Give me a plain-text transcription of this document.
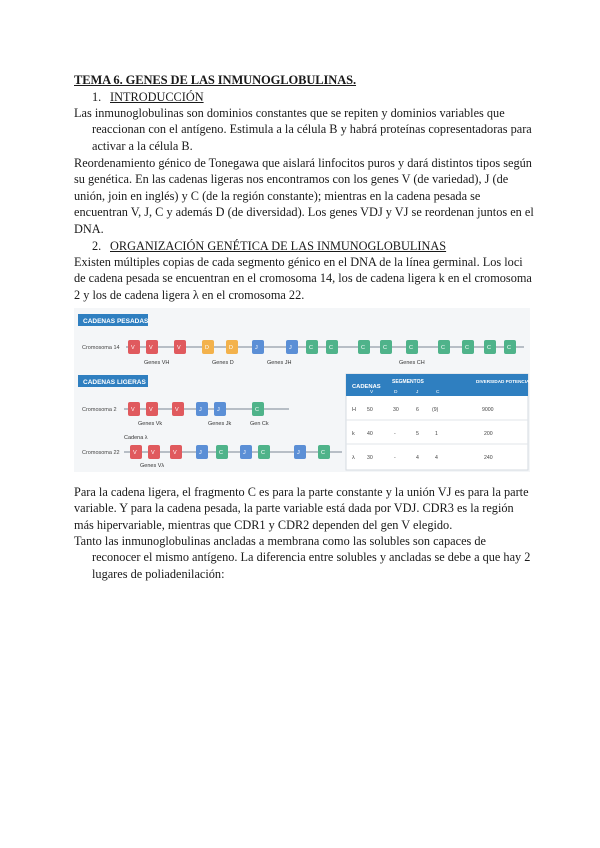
TEMA 6. GENES DE LAS INMUNOGLOBULINAS.
1. INTRODUCCIÓN
Las inmunoglobulinas son dominios constantes que se repiten y dominios variables que
reaccionan con el antígeno. Estimula a la célula B y habrá proteínas copresentadoras para
activar a la célula B.
Reordenamiento génico de Tonegawa que aislará linfocitos puros y dará distintos tipos según
su genética. En las cadenas ligeras nos encontramos con los genes V (de variedad), J (de
unión, join en inglés) y C (de la región constante); mientras en la cadena pesada se
encuentran V, J, C y además D (de diversidad). Los genes VDJ y VJ se reordenan juntos en el
DNA.
2. ORGANIZACIÓN GENÉTICA DE LAS INMUNOGLOBULINAS
Existen múltiples copias de cada segmento génico en el DNA de la línea germinal. Los loci
de cadena pesada se encuentran en el cromosoma 14, los de cadena ligera k en el cromosoma
2 y los de cadena ligera λ en el cromosoma 22.
CADENAS PESADAS
Cromosoma 14 V	V	V	D	D	J	J	C	C	C	C	C	C	C	C	C
Genes VH	Genes D	Genes JH	Genes CH
CADENAS LIGERAS
Cromosoma 2	V	V	V	J	J	C
Genes Vk	Genes Jk	Gen Ck
Cadena λ
Cromosoma 22 V	V	V	J	C	J	C	J	C
Genes Vλ
CADENAS
SEGMENTOS	DIVERSIDAD POTENCIAL
V	D	J	C
H 50	30	6	(9)	9000
k 40	-	5	1	200
λ 30	-	4	4	240
Para la cadena ligera, el fragmento C es para la parte constante y la unión VJ es para la parte
variable. Y para la cadena pesada, la parte variable está dada por VDJ. CDR3 es la región
más hipervariable, mientras que CDR1 y CDR2 dependen del gen V elegido.
Tanto las inmunoglobulinas ancladas a membrana como las solubles son capaces de
reconocer el mismo antígeno. La diferencia entre solubles y ancladas se debe a que hay 2
lugares de poliadenilación:
